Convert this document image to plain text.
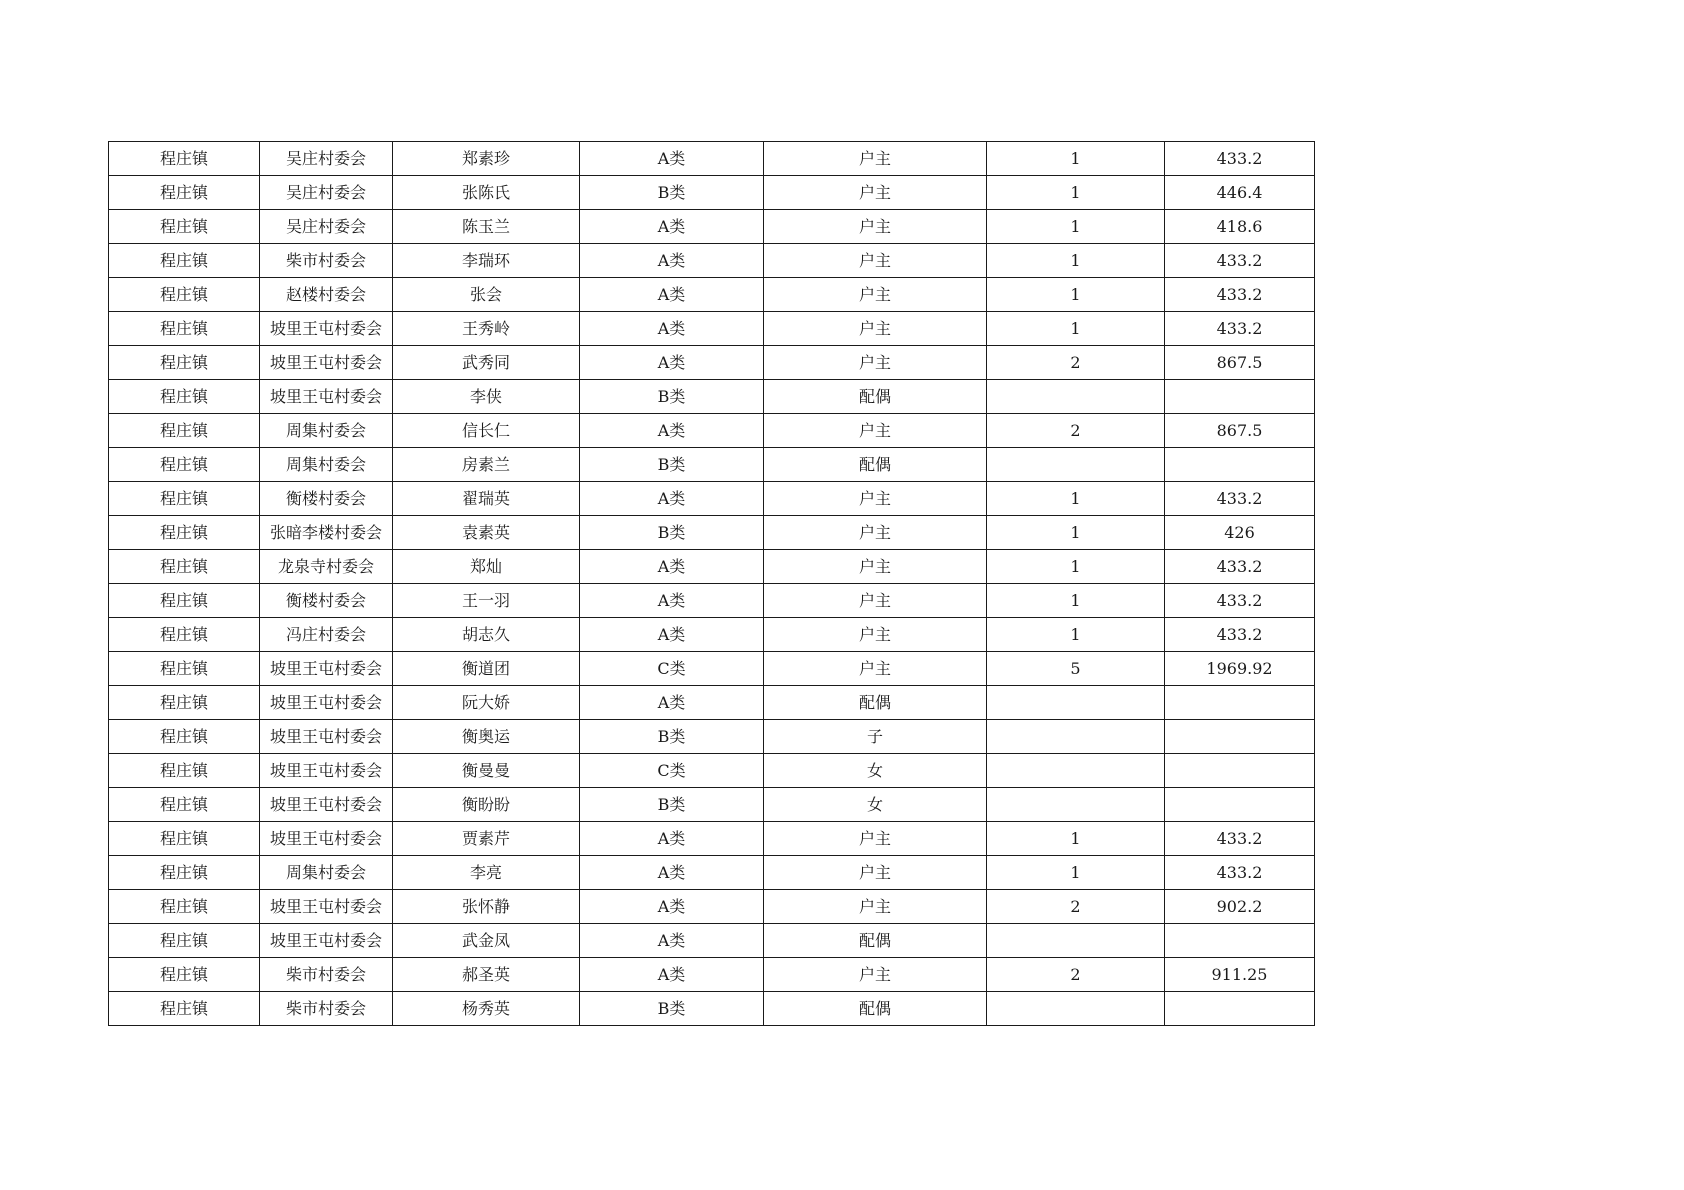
程庄镇	吴庄村委会	郑素珍	A类	户主	1	433.2
程庄镇	吴庄村委会	张陈氏	B类	户主	1	446.4
程庄镇	吴庄村委会	陈玉兰	A类	户主	1	418.6
程庄镇	柴市村委会	李瑞环	A类	户主	1	433.2
程庄镇	赵楼村委会	张会	A类	户主	1	433.2
程庄镇	坡里王屯村委会	王秀岭	A类	户主	1	433.2
程庄镇	坡里王屯村委会	武秀同	A类	户主	2	867.5
程庄镇	坡里王屯村委会	李侠	B类	配偶		
程庄镇	周集村委会	信长仁	A类	户主	2	867.5
程庄镇	周集村委会	房素兰	B类	配偶		
程庄镇	衡楼村委会	翟瑞英	A类	户主	1	433.2
程庄镇	张暗李楼村委会	袁素英	B类	户主	1	426
程庄镇	龙泉寺村委会	郑灿	A类	户主	1	433.2
程庄镇	衡楼村委会	王一羽	A类	户主	1	433.2
程庄镇	冯庄村委会	胡志久	A类	户主	1	433.2
程庄镇	坡里王屯村委会	衡道团	C类	户主	5	1969.92
程庄镇	坡里王屯村委会	阮大娇	A类	配偶		
程庄镇	坡里王屯村委会	衡奥运	B类	子		
程庄镇	坡里王屯村委会	衡曼曼	C类	女		
程庄镇	坡里王屯村委会	衡盼盼	B类	女		
程庄镇	坡里王屯村委会	贾素芹	A类	户主	1	433.2
程庄镇	周集村委会	李亮	A类	户主	1	433.2
程庄镇	坡里王屯村委会	张怀静	A类	户主	2	902.2
程庄镇	坡里王屯村委会	武金凤	A类	配偶		
程庄镇	柴市村委会	郝圣英	A类	户主	2	911.25
程庄镇	柴市村委会	杨秀英	B类	配偶		
